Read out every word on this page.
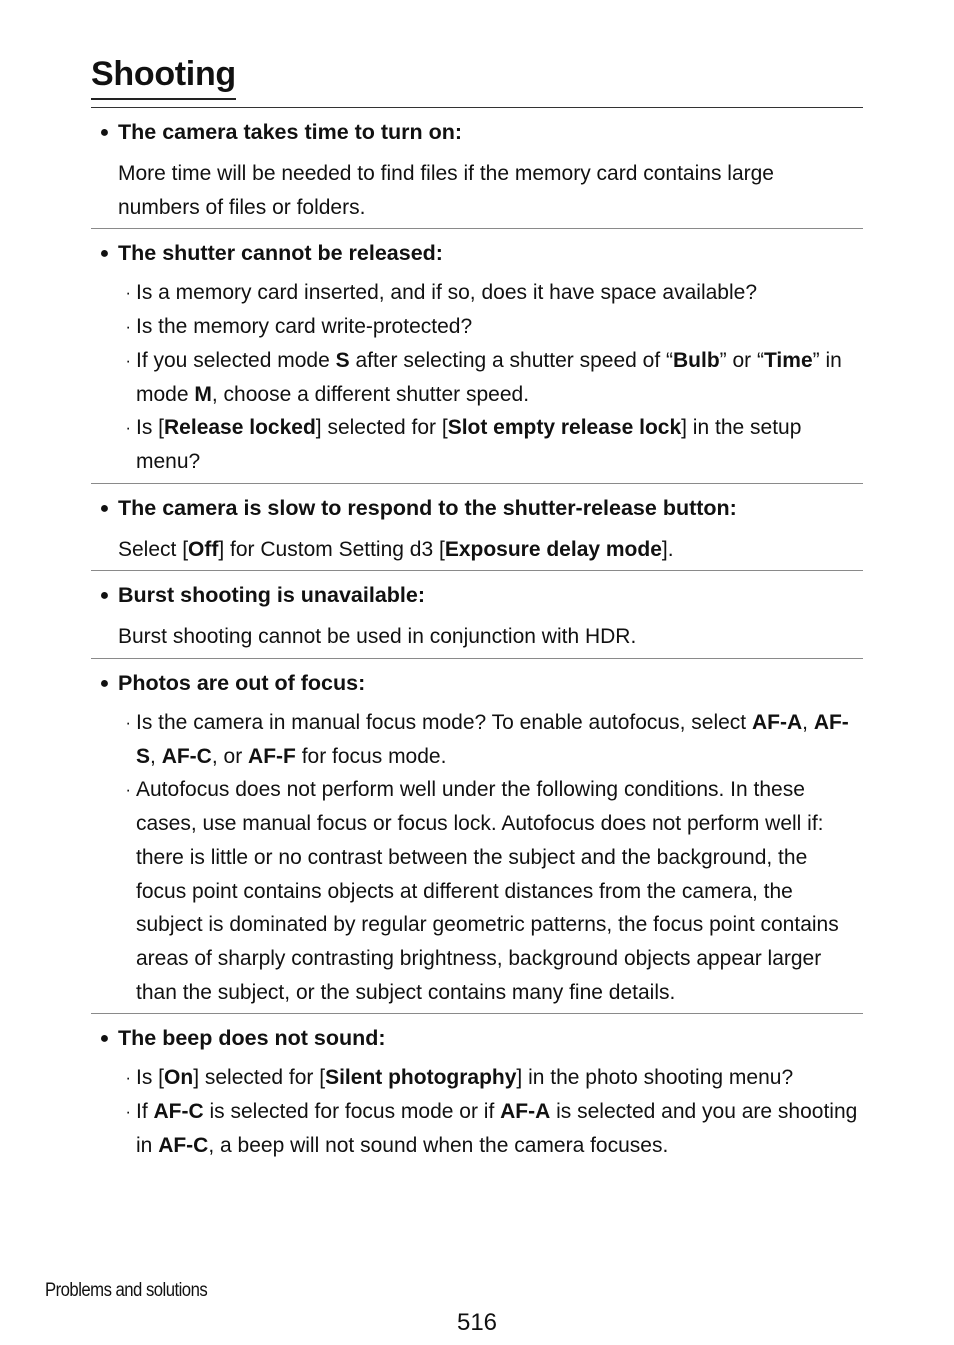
Shooting
● The camera takes time to turn on:

More time will be needed to find files if the memory card contains large numbers of files or folders.

● The shutter cannot be released:
· Is a memory card inserted, and if so, does it have space available?
· Is the memory card write-protected?
· If you selected mode S after selecting a shutter speed of “Bulb” or “Time” in mode M, choose a different shutter speed.
· Is [Release locked] selected for [Slot empty release lock] in the setup menu?
● The camera is slow to respond to the shutter-release button:

Select [Off] for Custom Setting d3 [Exposure delay mode].

● Burst shooting is unavailable:

Burst shooting cannot be used in conjunction with HDR.

● Photos are out of focus:
· Is the camera in manual focus mode? To enable autofocus, select AF-A, AF-S, AF-C, or AF-F for focus mode.
· Autofocus does not perform well under the following conditions. In these cases, use manual focus or focus lock. Autofocus does not perform well if: there is little or no contrast between the subject and the background, the focus point contains objects at different distances from the camera, the subject is dominated by regular geometric patterns, the focus point contains areas of sharply contrasting brightness, background objects appear larger than the subject, or the subject contains many fine details.
● The beep does not sound:
· Is [On] selected for [Silent photography] in the photo shooting menu?
· If AF-C is selected for focus mode or if AF-A is selected and you are shooting in AF-C, a beep will not sound when the camera focuses.
Problems and solutions
516
